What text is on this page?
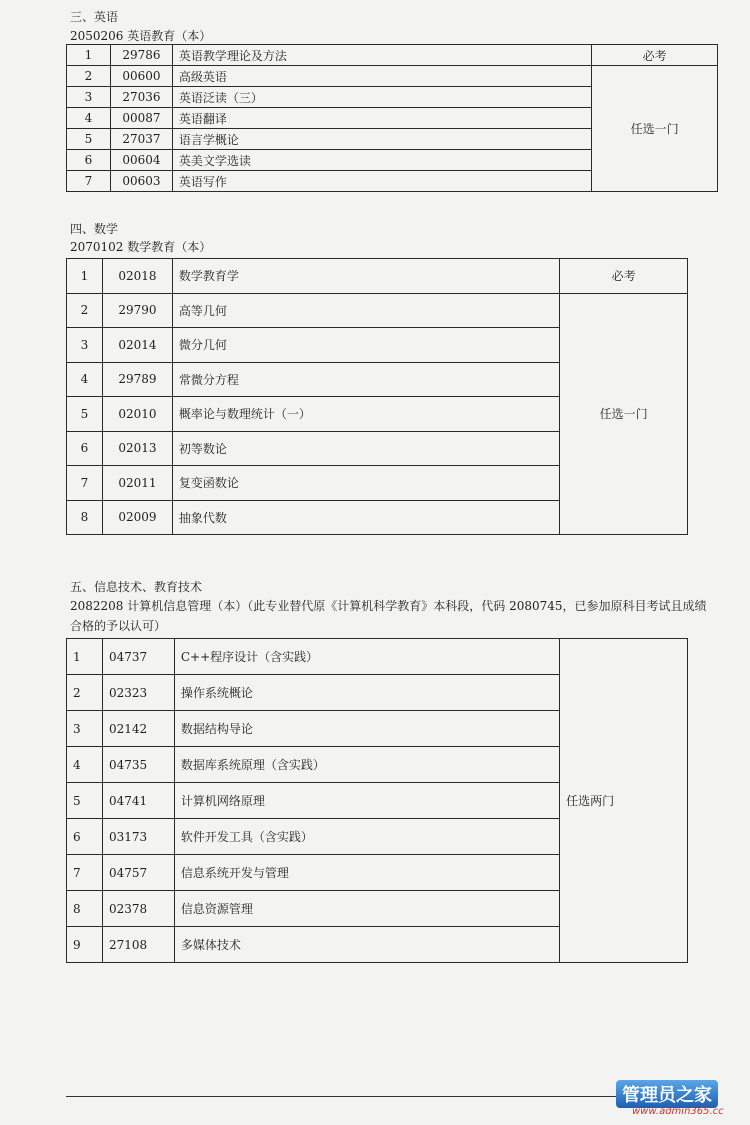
三、英语
2050206 英语教育（本）
1	29786	英语教学理论及方法	必考
2	00600	高级英语	任选一门
3	27036	英语泛读（三）	
4	00087	英语翻译	
5	27037	语言学概论	
6	00604	英美文学选读	
7	00603	英语写作	
四、数学
2070102 数学教育（本）
1	02018	数学教育学	必考
2	29790	高等几何	任选一门
3	02014	微分几何	
4	29789	常微分方程	
5	02010	概率论与数理统计（一）	
6	02013	初等数论	
7	02011	复变函数论	
8	02009	抽象代数	
五、信息技术、教育技术
2082208 计算机信息管理（本）（此专业替代原《计算机科学教育》本科段，代码 2080745，已参加原科目考试且成绩合格的予以认可）
1	04737	C++程序设计（含实践）	任选两门
2	02323	操作系统概论	
3	02142	数据结构导论	
4	04735	数据库系统原理（含实践）	
5	04741	计算机网络原理	
6	03173	软件开发工具（含实践）	
7	04757	信息系统开发与管理	
8	02378	信息资源管理	
9	27108	多媒体技术	
管理员之家
www.admin365.cc
